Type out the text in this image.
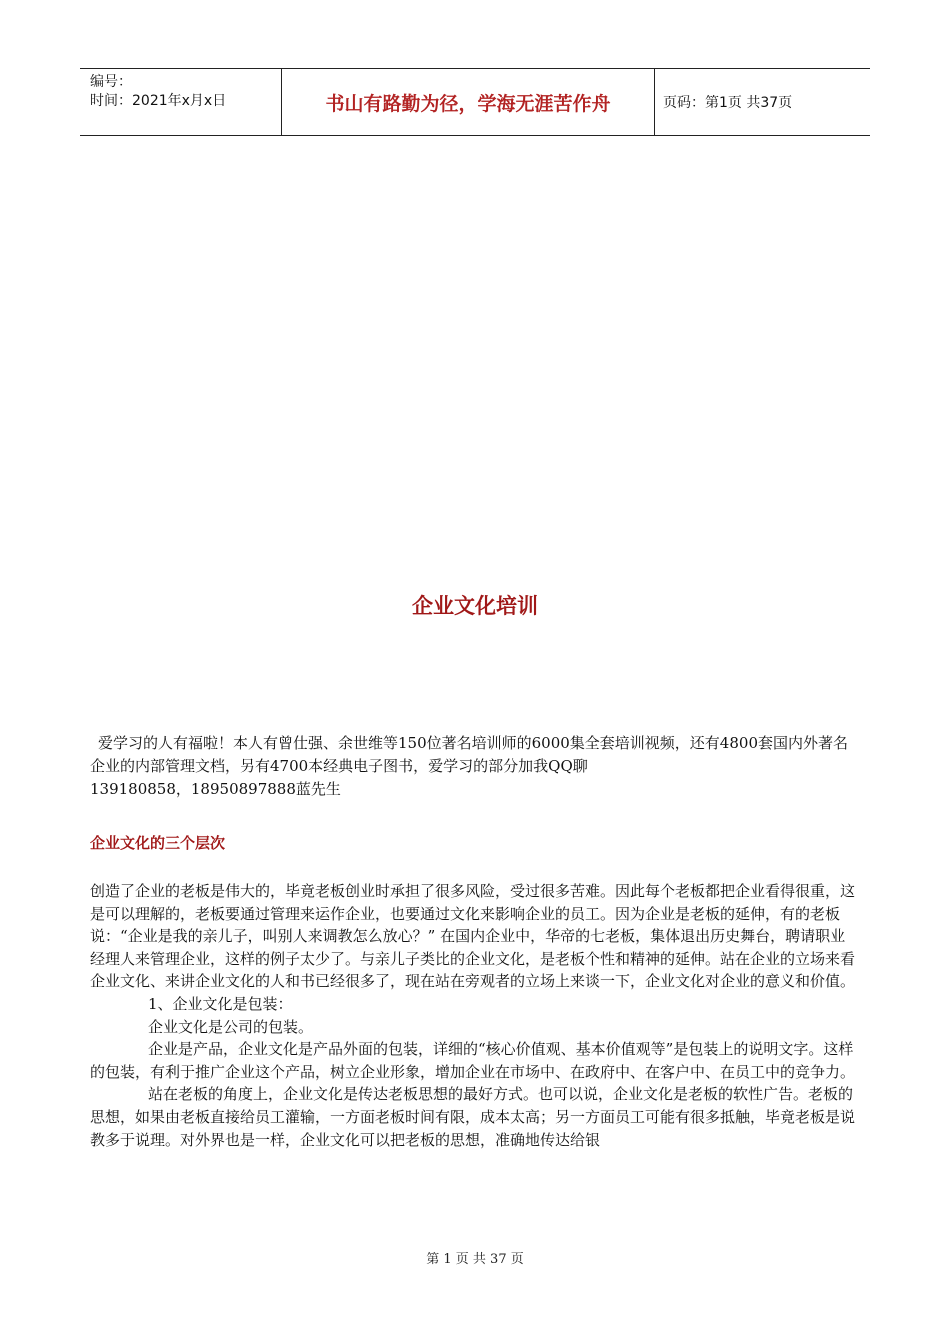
编号：
时间：2021年x月x日	书山有路勤为径，学海无涯苦作舟	页码：第1页 共37页
企业文化培训

爱学习的人有福啦！本人有曾仕强、余世维等150位著名培训师的6000集全套培训视频，还有4800套国内外著名企业的内部管理文档，另有4700本经典电子图书，爱学习的部分加我QQ聊

139180858，18950897888蓝先生

企业文化的三个层次

创造了企业的老板是伟大的，毕竟老板创业时承担了很多风险，受过很多苦难。因此每个老板都把企业看得很重，这是可以理解的，老板要通过管理来运作企业，也要通过文化来影响企业的员工。因为企业是老板的延伸，有的老板说：“企业是我的亲儿子，叫别人来调教怎么放心？” 在国内企业中，华帝的七老板，集体退出历史舞台，聘请职业经理人来管理企业，这样的例子太少了。与亲儿子类比的企业文化，是老板个性和精神的延伸。站在企业的立场来看企业文化、来讲企业文化的人和书已经很多了，现在站在旁观者的立场上来谈一下，企业文化对企业的意义和价值。

1、企业文化是包装：

企业文化是公司的包装。

企业是产品，企业文化是产品外面的包装，详细的“核心价值观、基本价值观等”是包装上的说明文字。这样的包装，有利于推广企业这个产品，树立企业形象，增加企业在市场中、在政府中、在客户中、在员工中的竞争力。

站在老板的角度上，企业文化是传达老板思想的最好方式。也可以说，企业文化是老板的软性广告。老板的思想，如果由老板直接给员工灌输，一方面老板时间有限，成本太高；另一方面员工可能有很多抵触，毕竟老板是说教多于说理。对外界也是一样，企业文化可以把老板的思想，准确地传达给银

第 1 页 共 37 页
